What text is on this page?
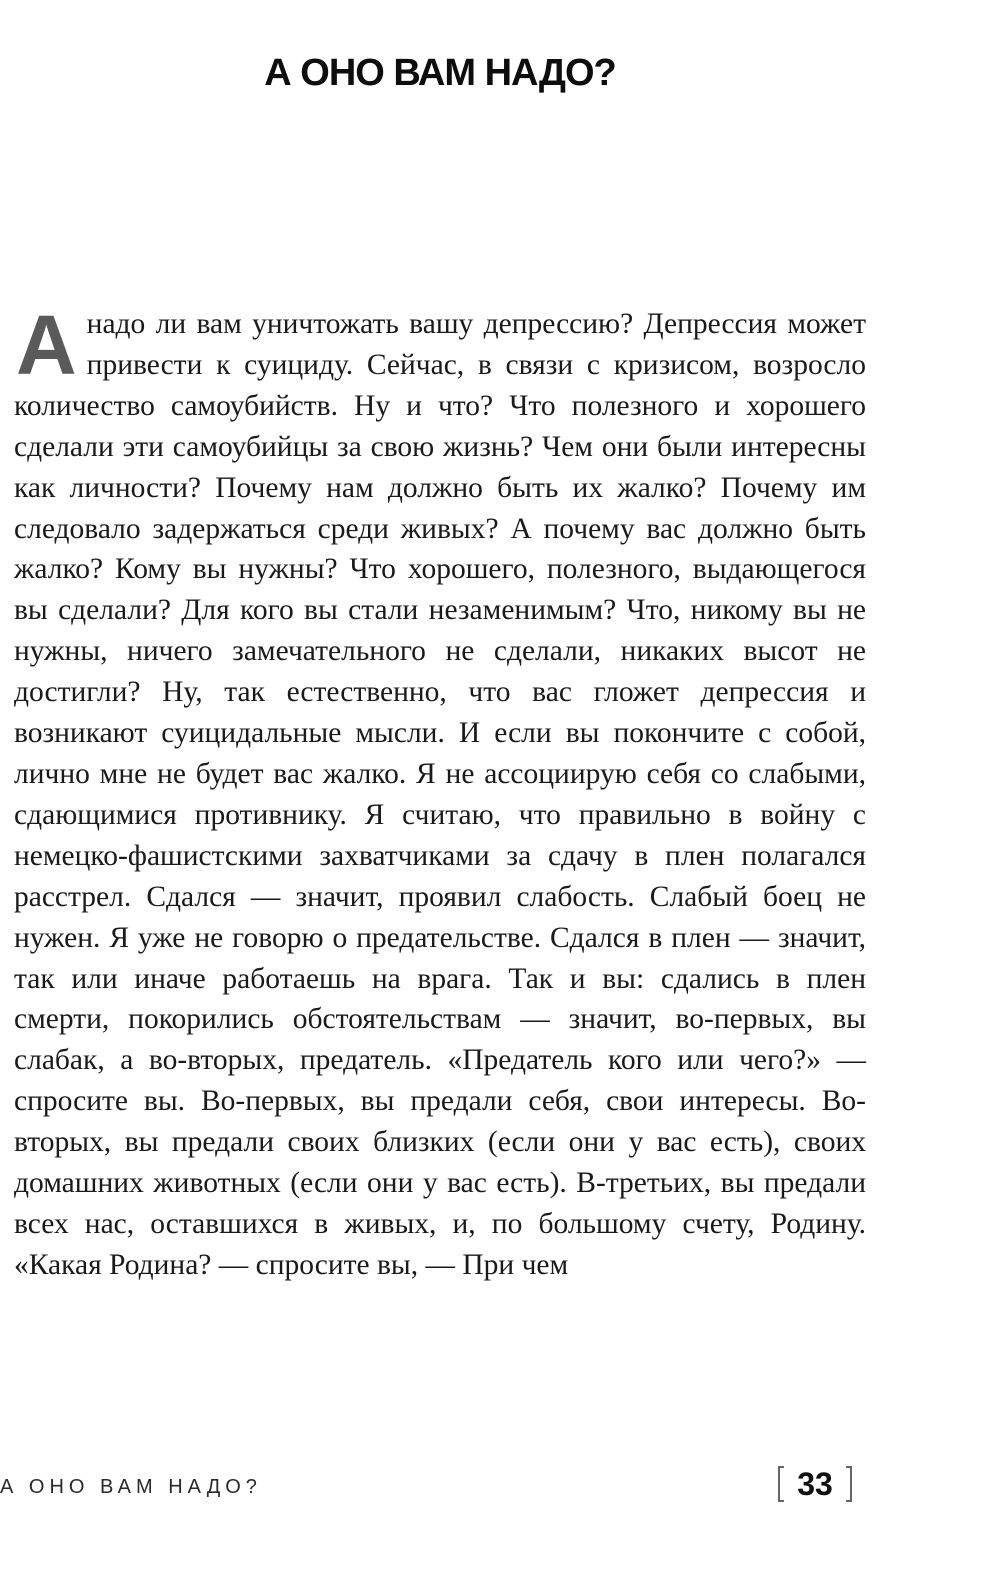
А ОНО ВАМ НАДО?

А надо ли вам уничтожать вашу депрессию? Депрессия может привести к суициду. Сейчас, в связи с кризисом, возросло количество самоубийств. Ну и что? Что полезного и хорошего сделали эти самоубийцы за свою жизнь? Чем они были интересны как личности? Почему нам должно быть их жалко? Почему им следовало задержаться среди живых? А почему вас должно быть жалко? Кому вы нужны? Что хорошего, полезного, выдающегося вы сделали? Для кого вы стали незаменимым? Что, никому вы не нужны, ничего замечательного не сделали, никаких высот не достигли? Ну, так естественно, что вас гложет депрессия и возникают суицидальные мысли. И если вы покончите с собой, лично мне не будет вас жалко. Я не ассоциирую себя со слабыми, сдающимися противнику. Я считаю, что правильно в войну с немецко-фашистскими захватчиками за сдачу в плен полагался расстрел. Сдался — значит, проявил слабость. Слабый боец не нужен. Я уже не говорю о предательстве. Сдался в плен — значит, так или иначе работаешь на врага. Так и вы: сдались в плен смерти, покорились обстоятельствам — значит, во-первых, вы слабак, а во-вторых, предатель. «Предатель кого или чего?» — спросите вы. Во-первых, вы предали себя, свои интересы. Во-вторых, вы предали своих близких (если они у вас есть), своих домашних животных (если они у вас есть). В-третьих, вы предали всех нас, оставшихся в живых, и, по большому счету, Родину. «Какая Родина? — спросите вы, — При чем

А ОНО ВАМ НАДО?	33
